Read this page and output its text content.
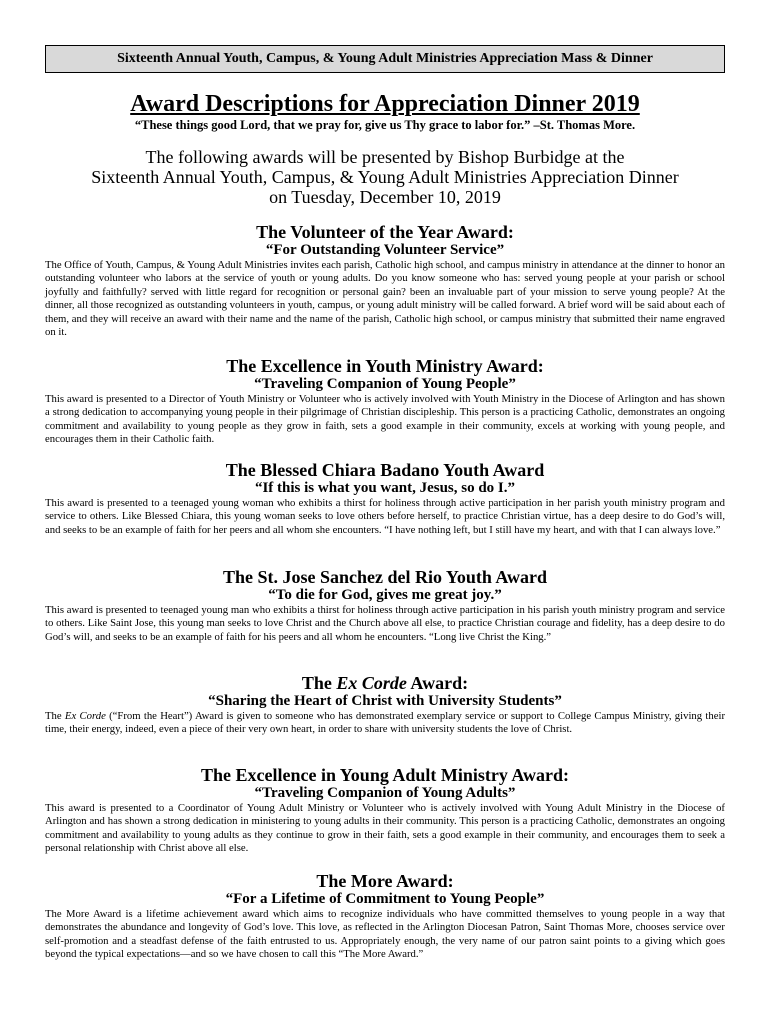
Sixteenth Annual Youth, Campus, & Young Adult Ministries Appreciation Mass & Dinner
Award Descriptions for Appreciation Dinner 2019
“These things good Lord, that we pray for, give us Thy grace to labor for.” –St. Thomas More.
The following awards will be presented by Bishop Burbidge at the
Sixteenth Annual Youth, Campus, & Young Adult Ministries Appreciation Dinner
on Tuesday, December 10, 2019
The Volunteer of the Year Award:
“For Outstanding Volunteer Service”
The Office of Youth, Campus, & Young Adult Ministries invites each parish, Catholic high school, and campus ministry in attendance at the dinner to honor an outstanding volunteer who labors at the service of youth or young adults. Do you know someone who has: served young people at your parish or school joyfully and faithfully? served with little regard for recognition or personal gain? been an invaluable part of your mission to serve young people? At the dinner, all those recognized as outstanding volunteers in youth, campus, or young adult ministry will be called forward. A brief word will be said about each of them, and they will receive an award with their name and the name of the parish, Catholic high school, or campus ministry that submitted their name engraved on it.
The Excellence in Youth Ministry Award:
“Traveling Companion of Young People”
This award is presented to a Director of Youth Ministry or Volunteer who is actively involved with Youth Ministry in the Diocese of Arlington and has shown a strong dedication to accompanying young people in their pilgrimage of Christian discipleship. This person is a practicing Catholic, demonstrates an ongoing commitment and availability to young people as they grow in faith, sets a good example in their community, excels at working with young people, and encourages them in their Catholic faith.
The Blessed Chiara Badano Youth Award
“If this is what you want, Jesus, so do I.”
This award is presented to a teenaged young woman who exhibits a thirst for holiness through active participation in her parish youth ministry program and service to others. Like Blessed Chiara, this young woman seeks to love others before herself, to practice Christian virtue, has a deep desire to do God’s will, and seeks to be an example of faith for her peers and all whom she encounters. “I have nothing left, but I still have my heart, and with that I can always love.”
The St. Jose Sanchez del Rio Youth Award
“To die for God, gives me great joy.”
This award is presented to teenaged young man who exhibits a thirst for holiness through active participation in his parish youth ministry program and service to others. Like Saint Jose, this young man seeks to love Christ and the Church above all else, to practice Christian courage and fidelity, has a deep desire to do God’s will, and seeks to be an example of faith for his peers and all whom he encounters. “Long live Christ the King.”
The Ex Corde Award:
“Sharing the Heart of Christ with University Students”
The Ex Corde (“From the Heart”) Award is given to someone who has demonstrated exemplary service or support to College Campus Ministry, giving their time, their energy, indeed, even a piece of their very own heart, in order to share with university students the love of Christ.
The Excellence in Young Adult Ministry Award:
“Traveling Companion of Young Adults”
This award is presented to a Coordinator of Young Adult Ministry or Volunteer who is actively involved with Young Adult Ministry in the Diocese of Arlington and has shown a strong dedication in ministering to young adults in their community. This person is a practicing Catholic, demonstrates an ongoing commitment and availability to young adults as they continue to grow in their faith, sets a good example in their community, and encourages them to seek a personal relationship with Christ above all else.
The More Award:
“For a Lifetime of Commitment to Young People”
The More Award is a lifetime achievement award which aims to recognize individuals who have committed themselves to young people in a way that demonstrates the abundance and longevity of God’s love. This love, as reflected in the Arlington Diocesan Patron, Saint Thomas More, chooses service over self-promotion and a steadfast defense of the faith entrusted to us. Appropriately enough, the very name of our patron saint points to a giving which goes beyond the typical expectations—and so we have chosen to call this “The More Award.”
